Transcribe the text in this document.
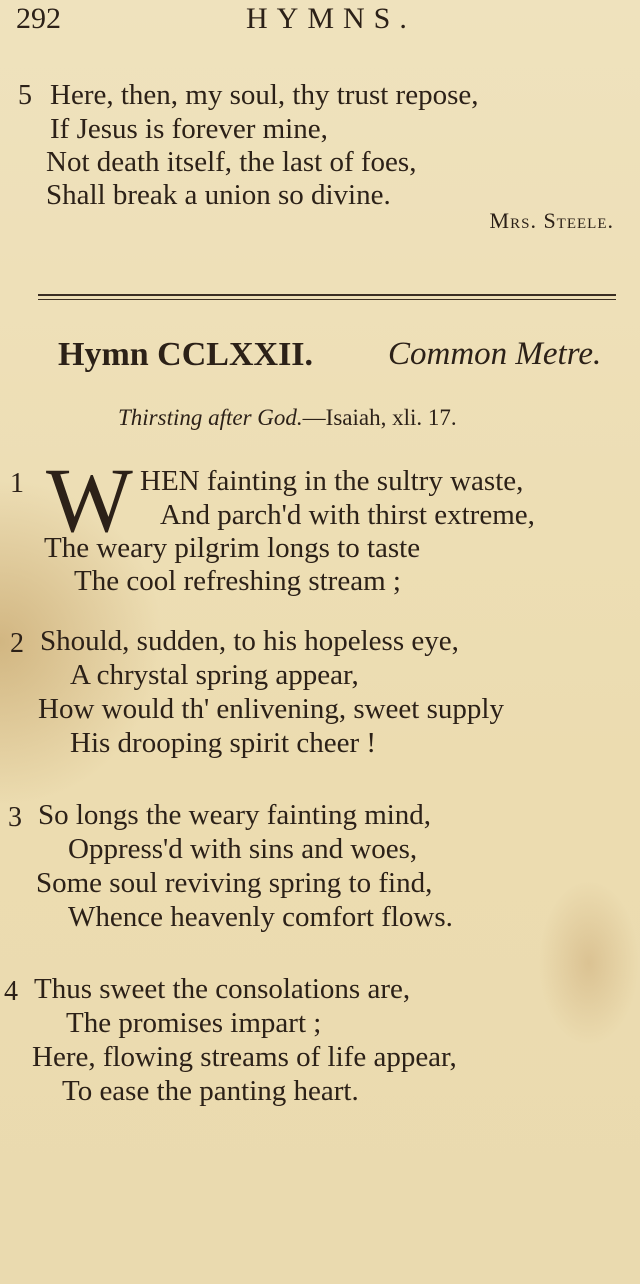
292	HYMNS.
5 Here, then, my soul, thy trust repose,
If Jesus is forever mine,
Not death itself, the last of foes,
Shall break a union so divine.
Mrs. Steele.
Hymn CCLXXII. Common Metre.
Thirsting after God.—Isaiah, xli. 17.
1 W HEN fainting in the sultry waste,
And parch'd with thirst extreme,
The weary pilgrim longs to taste
The cool refreshing stream ;
2 Should, sudden, to his hopeless eye,
A chrystal spring appear,
How would th' enlivening, sweet supply
His drooping spirit cheer !
3 So longs the weary fainting mind,
Oppress'd with sins and woes,
Some soul reviving spring to find,
Whence heavenly comfort flows.
4 Thus sweet the consolations are,
The promises impart ;
Here, flowing streams of life appear,
To ease the panting heart.
